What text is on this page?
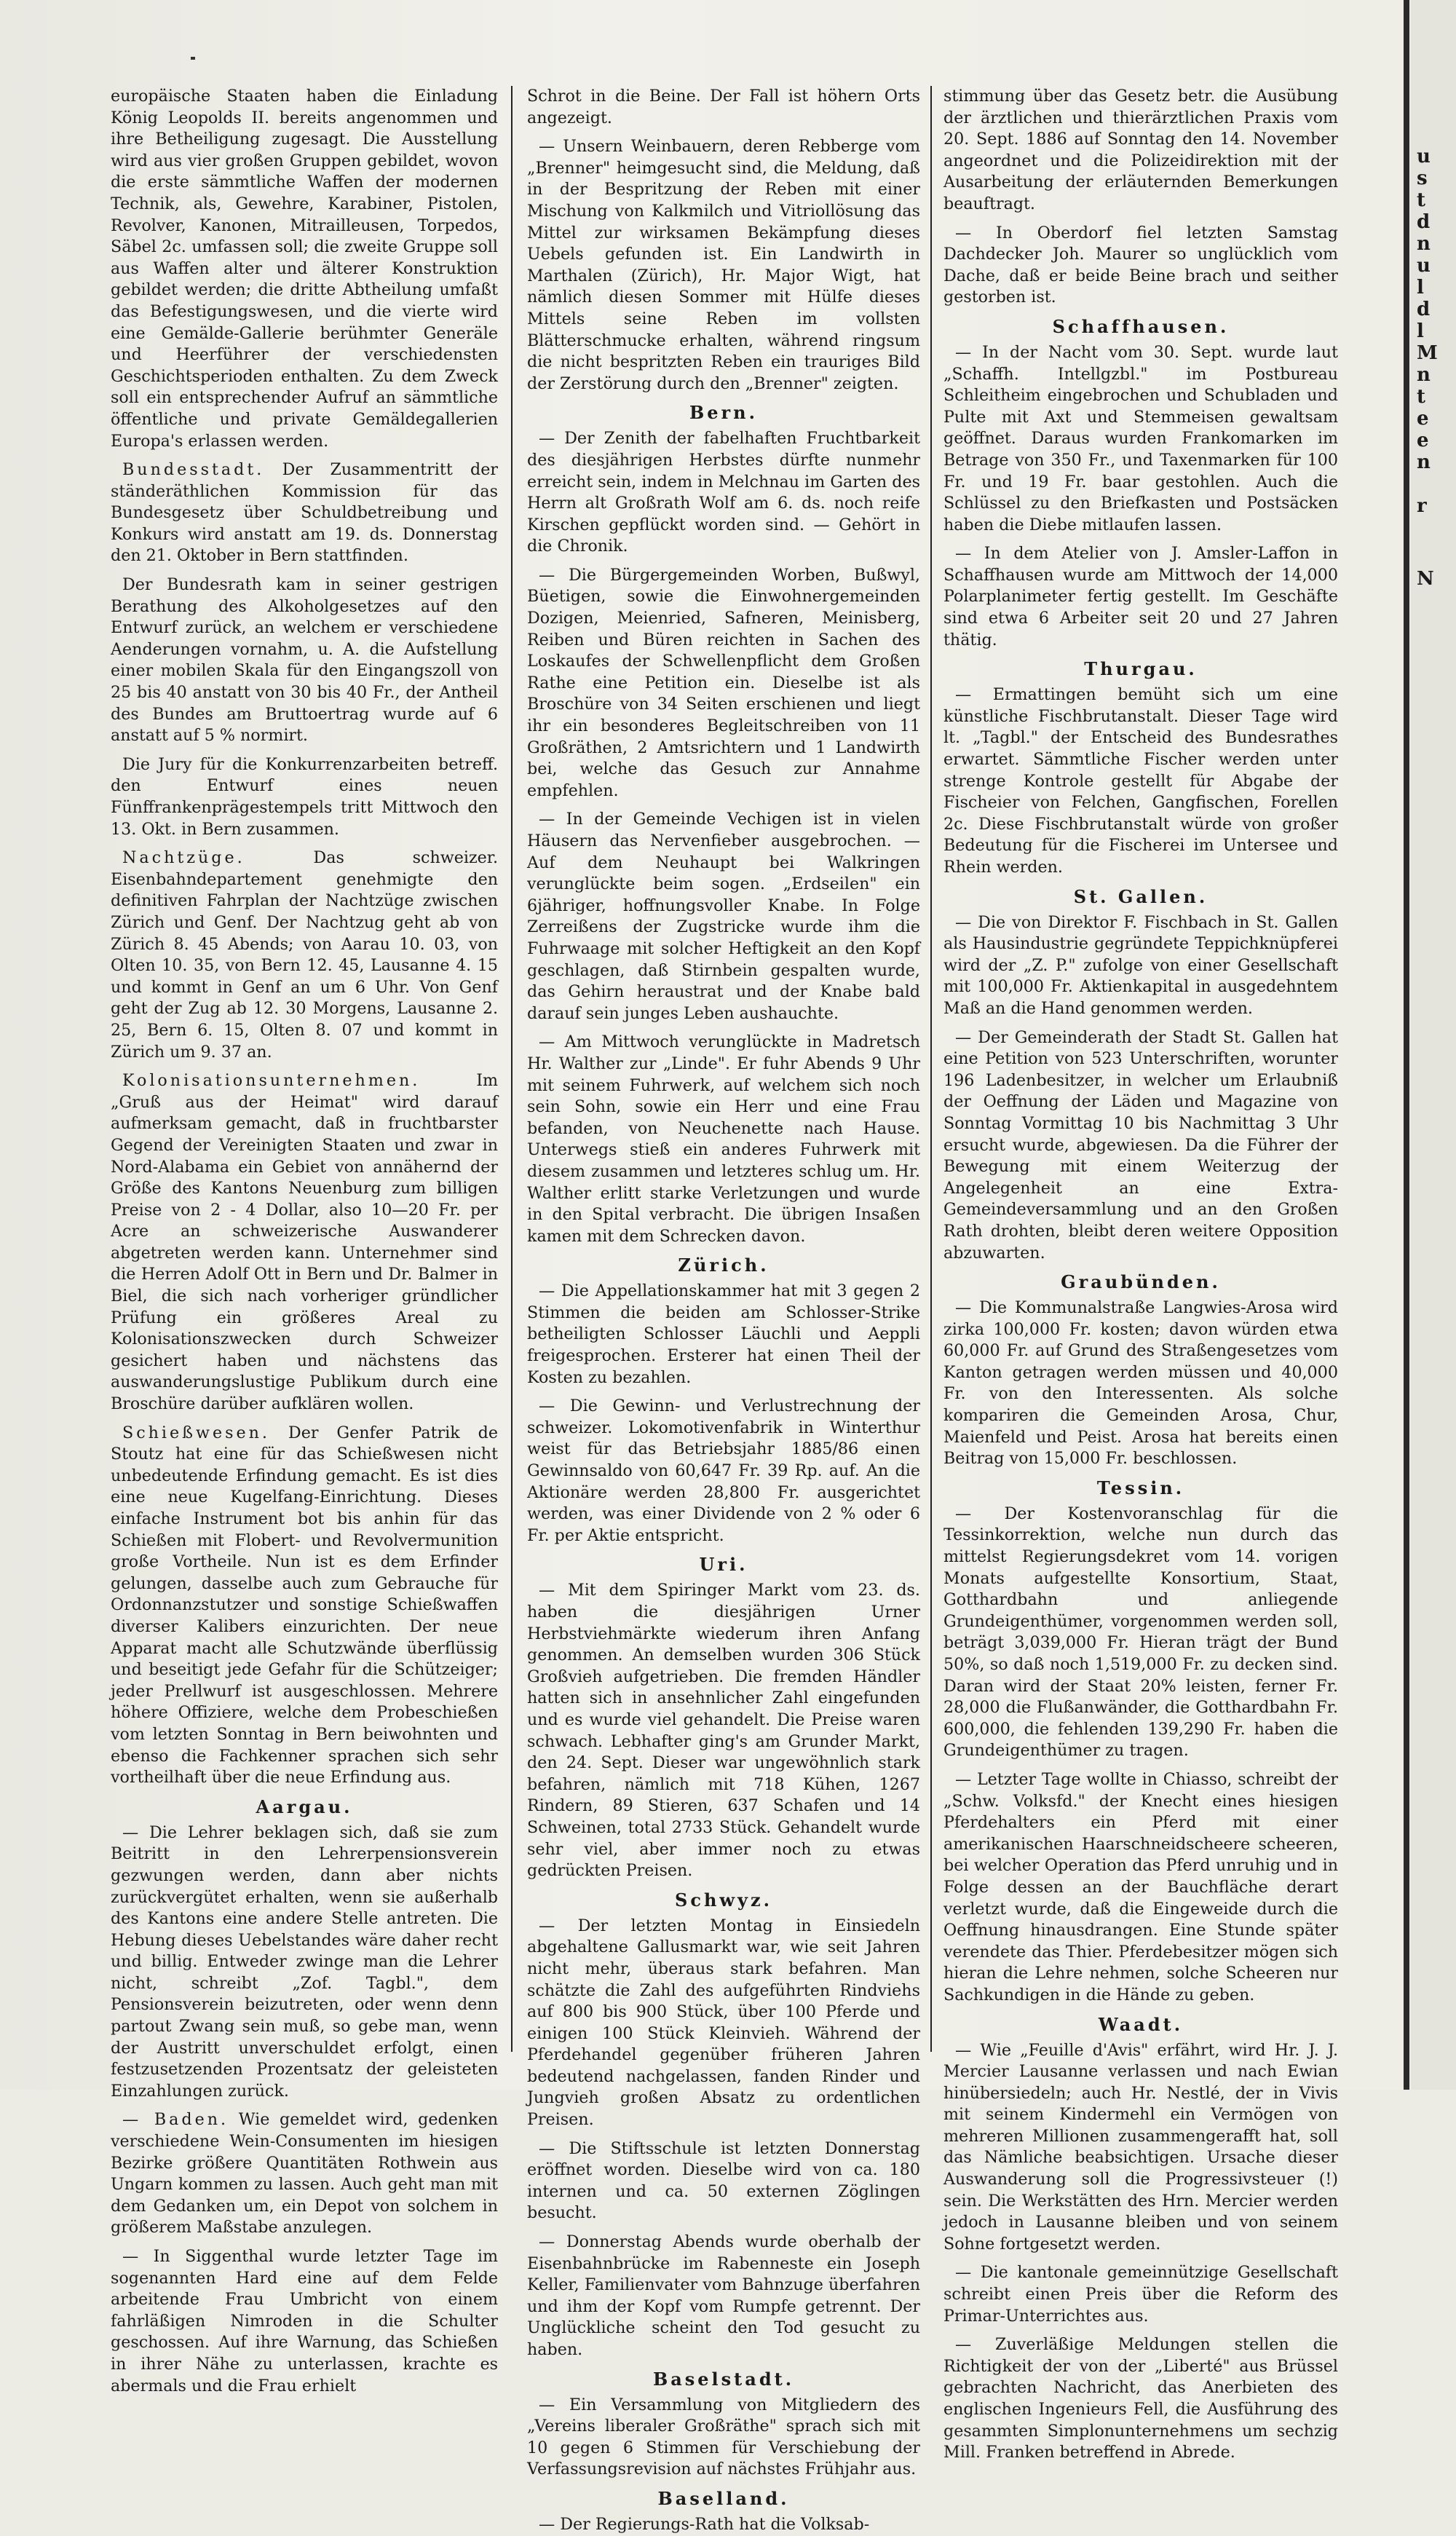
europäische Staaten haben die Einladung König Leopolds II. bereits angenommen und ihre Betheiligung zugesagt. Die Ausstellung wird aus vier großen Gruppen gebildet, wovon die erste sämmtliche Waffen der modernen Technik, als, Gewehre, Karabiner, Pistolen, Revolver, Kanonen, Mitrailleusen, Torpedos, Säbel 2c. umfassen soll; die zweite Gruppe soll aus Waffen alter und älterer Konstruktion gebildet werden; die dritte Abtheilung umfaßt das Befestigungswesen, und die vierte wird eine Gemälde-Gallerie berühmter Generäle und Heerführer der verschiedensten Geschichtsperioden enthalten. Zu dem Zweck soll ein entsprechender Aufruf an sämmtliche öffentliche und private Gemäldegallerien Europa's erlassen werden.

Bundesstadt. Der Zusammentritt der ständeräthlichen Kommission für das Bundesgesetz über Schuldbetreibung und Konkurs wird anstatt am 19. ds. Donnerstag den 21. Oktober in Bern stattfinden.

Der Bundesrath kam in seiner gestrigen Berathung des Alkoholgesetzes auf den Entwurf zurück, an welchem er verschiedene Aenderungen vornahm, u. A. die Aufstellung einer mobilen Skala für den Eingangszoll von 25 bis 40 anstatt von 30 bis 40 Fr., der Antheil des Bundes am Bruttoertrag wurde auf 6 anstatt auf 5 % normirt.

Die Jury für die Konkurrenzarbeiten betreff. den Entwurf eines neuen Fünffrankenprägestempels tritt Mittwoch den 13. Okt. in Bern zusammen.

Nachtzüge. Das schweizer. Eisenbahndepartement genehmigte den definitiven Fahrplan der Nachtzüge zwischen Zürich und Genf. Der Nachtzug geht ab von Zürich 8. 45 Abends; von Aarau 10. 03, von Olten 10. 35, von Bern 12. 45, Lausanne 4. 15 und kommt in Genf an um 6 Uhr. Von Genf geht der Zug ab 12. 30 Morgens, Lausanne 2. 25, Bern 6. 15, Olten 8. 07 und kommt in Zürich um 9. 37 an.

Kolonisationsunternehmen. Im „Gruß aus der Heimat" wird darauf aufmerksam gemacht, daß in fruchtbarster Gegend der Vereinigten Staaten und zwar in Nord-Alabama ein Gebiet von annähernd der Größe des Kantons Neuenburg zum billigen Preise von 2 - 4 Dollar, also 10—20 Fr. per Acre an schweizerische Auswanderer abgetreten werden kann. Unternehmer sind die Herren Adolf Ott in Bern und Dr. Balmer in Biel, die sich nach vorheriger gründlicher Prüfung ein größeres Areal zu Kolonisationszwecken durch Schweizer gesichert haben und nächstens das auswanderungslustige Publikum durch eine Broschüre darüber aufklären wollen.

Schießwesen. Der Genfer Patrik de Stoutz hat eine für das Schießwesen nicht unbedeutende Erfindung gemacht. Es ist dies eine neue Kugelfang-Einrichtung. Dieses einfache Instrument bot bis anhin für das Schießen mit Flobert- und Revolvermunition große Vortheile. Nun ist es dem Erfinder gelungen, dasselbe auch zum Gebrauche für Ordonnanzstutzer und sonstige Schießwaffen diverser Kalibers einzurichten. Der neue Apparat macht alle Schutzwände überflüssig und beseitigt jede Gefahr für die Schützeiger; jeder Prellwurf ist ausgeschlossen. Mehrere höhere Offiziere, welche dem Probeschießen vom letzten Sonntag in Bern beiwohnten und ebenso die Fachkenner sprachen sich sehr vortheilhaft über die neue Erfindung aus.

Aargau.

— Die Lehrer beklagen sich, daß sie zum Beitritt in den Lehrerpensionsverein gezwungen werden, dann aber nichts zurückvergütet erhalten, wenn sie außerhalb des Kantons eine andere Stelle antreten. Die Hebung dieses Uebelstandes wäre daher recht und billig. Entweder zwinge man die Lehrer nicht, schreibt „Zof. Tagbl.", dem Pensionsverein beizutreten, oder wenn denn partout Zwang sein muß, so gebe man, wenn der Austritt unverschuldet erfolgt, einen festzusetzenden Prozentsatz der geleisteten Einzahlungen zurück.

— Baden. Wie gemeldet wird, gedenken verschiedene Wein-Consumenten im hiesigen Bezirke größere Quantitäten Rothwein aus Ungarn kommen zu lassen. Auch geht man mit dem Gedanken um, ein Depot von solchem in größerem Maßstabe anzulegen.

— In Siggenthal wurde letzter Tage im sogenannten Hard eine auf dem Felde arbeitende Frau Umbricht von einem fahrläßigen Nimroden in die Schulter geschossen. Auf ihre Warnung, das Schießen in ihrer Nähe zu unterlassen, krachte es abermals und die Frau erhielt

Schrot in die Beine. Der Fall ist höhern Orts angezeigt.

— Unsern Weinbauern, deren Rebberge vom „Brenner" heimgesucht sind, die Meldung, daß in der Bespritzung der Reben mit einer Mischung von Kalkmilch und Vitriollösung das Mittel zur wirksamen Bekämpfung dieses Uebels gefunden ist. Ein Landwirth in Marthalen (Zürich), Hr. Major Wigt, hat nämlich diesen Sommer mit Hülfe dieses Mittels seine Reben im vollsten Blätterschmucke erhalten, während ringsum die nicht bespritzten Reben ein trauriges Bild der Zerstörung durch den „Brenner" zeigten.

Bern.

— Der Zenith der fabelhaften Fruchtbarkeit des diesjährigen Herbstes dürfte nunmehr erreicht sein, indem in Melchnau im Garten des Herrn alt Großrath Wolf am 6. ds. noch reife Kirschen gepflückt worden sind. — Gehört in die Chronik.

— Die Bürgergemeinden Worben, Bußwyl, Büetigen, sowie die Einwohnergemeinden Dozigen, Meienried, Safneren, Meinisberg, Reiben und Büren reichten in Sachen des Loskaufes der Schwellenpflicht dem Großen Rathe eine Petition ein. Dieselbe ist als Broschüre von 34 Seiten erschienen und liegt ihr ein besonderes Begleitschreiben von 11 Großräthen, 2 Amtsrichtern und 1 Landwirth bei, welche das Gesuch zur Annahme empfehlen.

— In der Gemeinde Vechigen ist in vielen Häusern das Nervenfieber ausgebrochen. — Auf dem Neuhaupt bei Walkringen verunglückte beim sogen. „Erdseilen" ein 6jähriger, hoffnungsvoller Knabe. In Folge Zerreißens der Zugstricke wurde ihm die Fuhrwaage mit solcher Heftigkeit an den Kopf geschlagen, daß Stirnbein gespalten wurde, das Gehirn heraustrat und der Knabe bald darauf sein junges Leben aushauchte.

— Am Mittwoch verunglückte in Madretsch Hr. Walther zur „Linde". Er fuhr Abends 9 Uhr mit seinem Fuhrwerk, auf welchem sich noch sein Sohn, sowie ein Herr und eine Frau befanden, von Neuchenette nach Hause. Unterwegs stieß ein anderes Fuhrwerk mit diesem zusammen und letzteres schlug um. Hr. Walther erlitt starke Verletzungen und wurde in den Spital verbracht. Die übrigen Insaßen kamen mit dem Schrecken davon.

Zürich.

— Die Appellationskammer hat mit 3 gegen 2 Stimmen die beiden am Schlosser-Strike betheiligten Schlosser Läuchli und Aeppli freigesprochen. Ersterer hat einen Theil der Kosten zu bezahlen.

— Die Gewinn- und Verlustrechnung der schweizer. Lokomotivenfabrik in Winterthur weist für das Betriebsjahr 1885/86 einen Gewinnsaldo von 60,647 Fr. 39 Rp. auf. An die Aktionäre werden 28,800 Fr. ausgerichtet werden, was einer Dividende von 2 % oder 6 Fr. per Aktie entspricht.

Uri.

— Mit dem Spiringer Markt vom 23. ds. haben die diesjährigen Urner Herbstviehmärkte wiederum ihren Anfang genommen. An demselben wurden 306 Stück Großvieh aufgetrieben. Die fremden Händler hatten sich in ansehnlicher Zahl eingefunden und es wurde viel gehandelt. Die Preise waren schwach. Lebhafter ging's am Grunder Markt, den 24. Sept. Dieser war ungewöhnlich stark befahren, nämlich mit 718 Kühen, 1267 Rindern, 89 Stieren, 637 Schafen und 14 Schweinen, total 2733 Stück. Gehandelt wurde sehr viel, aber immer noch zu etwas gedrückten Preisen.

Schwyz.

— Der letzten Montag in Einsiedeln abgehaltene Gallusmarkt war, wie seit Jahren nicht mehr, überaus stark befahren. Man schätzte die Zahl des aufgeführten Rindviehs auf 800 bis 900 Stück, über 100 Pferde und einigen 100 Stück Kleinvieh. Während der Pferdehandel gegenüber früheren Jahren bedeutend nachgelassen, fanden Rinder und Jungvieh großen Absatz zu ordentlichen Preisen.

— Die Stiftsschule ist letzten Donnerstag eröffnet worden. Dieselbe wird von ca. 180 internen und ca. 50 externen Zöglingen besucht.

— Donnerstag Abends wurde oberhalb der Eisenbahnbrücke im Rabenneste ein Joseph Keller, Familienvater vom Bahnzuge überfahren und ihm der Kopf vom Rumpfe getrennt. Der Unglückliche scheint den Tod gesucht zu haben.

Baselstadt.

— Ein Versammlung von Mitgliedern des „Vereins liberaler Großräthe" sprach sich mit 10 gegen 6 Stimmen für Verschiebung der Verfassungsrevision auf nächstes Frühjahr aus.

Baselland.

— Der Regierungs-Rath hat die Volksab-

stimmung über das Gesetz betr. die Ausübung der ärztlichen und thierärztlichen Praxis vom 20. Sept. 1886 auf Sonntag den 14. November angeordnet und die Polizeidirektion mit der Ausarbeitung der erläuternden Bemerkungen beauftragt.

— In Oberdorf fiel letzten Samstag Dachdecker Joh. Maurer so unglücklich vom Dache, daß er beide Beine brach und seither gestorben ist.

Schaffhausen.

— In der Nacht vom 30. Sept. wurde laut „Schaffh. Intellgzbl." im Postbureau Schleitheim eingebrochen und Schubladen und Pulte mit Axt und Stemmeisen gewaltsam geöffnet. Daraus wurden Frankomarken im Betrage von 350 Fr., und Taxenmarken für 100 Fr. und 19 Fr. baar gestohlen. Auch die Schlüssel zu den Briefkasten und Postsäcken haben die Diebe mitlaufen lassen.

— In dem Atelier von J. Amsler-Laffon in Schaffhausen wurde am Mittwoch der 14,000 Polarplanimeter fertig gestellt. Im Geschäfte sind etwa 6 Arbeiter seit 20 und 27 Jahren thätig.

Thurgau.

— Ermattingen bemüht sich um eine künstliche Fischbrutanstalt. Dieser Tage wird lt. „Tagbl." der Entscheid des Bundesrathes erwartet. Sämmtliche Fischer werden unter strenge Kontrole gestellt für Abgabe der Fischeier von Felchen, Gangfischen, Forellen 2c. Diese Fischbrutanstalt würde von großer Bedeutung für die Fischerei im Untersee und Rhein werden.

St. Gallen.

— Die von Direktor F. Fischbach in St. Gallen als Hausindustrie gegründete Teppichknüpferei wird der „Z. P." zufolge von einer Gesellschaft mit 100,000 Fr. Aktienkapital in ausgedehntem Maß an die Hand genommen werden.

— Der Gemeinderath der Stadt St. Gallen hat eine Petition von 523 Unterschriften, worunter 196 Ladenbesitzer, in welcher um Erlaubniß der Oeffnung der Läden und Magazine von Sonntag Vormittag 10 bis Nachmittag 3 Uhr ersucht wurde, abgewiesen. Da die Führer der Bewegung mit einem Weiterzug der Angelegenheit an eine Extra-Gemeindeversammlung und an den Großen Rath drohten, bleibt deren weitere Opposition abzuwarten.

Graubünden.

— Die Kommunalstraße Langwies-Arosa wird zirka 100,000 Fr. kosten; davon würden etwa 60,000 Fr. auf Grund des Straßengesetzes vom Kanton getragen werden müssen und 40,000 Fr. von den Interessenten. Als solche kompariren die Gemeinden Arosa, Chur, Maienfeld und Peist. Arosa hat bereits einen Beitrag von 15,000 Fr. beschlossen.

Tessin.

— Der Kostenvoranschlag für die Tessinkorrektion, welche nun durch das mittelst Regierungsdekret vom 14. vorigen Monats aufgestellte Konsortium, Staat, Gotthardbahn und anliegende Grundeigenthümer, vorgenommen werden soll, beträgt 3,039,000 Fr. Hieran trägt der Bund 50%, so daß noch 1,519,000 Fr. zu decken sind. Daran wird der Staat 20% leisten, ferner Fr. 28,000 die Flußanwänder, die Gotthardbahn Fr. 600,000, die fehlenden 139,290 Fr. haben die Grundeigenthümer zu tragen.

— Letzter Tage wollte in Chiasso, schreibt der „Schw. Volksfd." der Knecht eines hiesigen Pferdehalters ein Pferd mit einer amerikanischen Haarschneidscheere scheeren, bei welcher Operation das Pferd unruhig und in Folge dessen an der Bauchfläche derart verletzt wurde, daß die Eingeweide durch die Oeffnung hinausdrangen. Eine Stunde später verendete das Thier. Pferdebesitzer mögen sich hieran die Lehre nehmen, solche Scheeren nur Sachkundigen in die Hände zu geben.

Waadt.

— Wie „Feuille d'Avis" erfährt, wird Hr. J. J. Mercier Lausanne verlassen und nach Ewian hinübersiedeln; auch Hr. Nestlé, der in Vivis mit seinem Kindermehl ein Vermögen von mehreren Millionen zusammengerafft hat, soll das Nämliche beabsichtigen. Ursache dieser Auswanderung soll die Progressivsteuer (!) sein. Die Werkstätten des Hrn. Mercier werden jedoch in Lausanne bleiben und von seinem Sohne fortgesetzt werden.

— Die kantonale gemeinnützige Gesellschaft schreibt einen Preis über die Reform des Primar-Unterrichtes aus.

— Zuverläßige Meldungen stellen die Richtigkeit der von der „Liberté" aus Brüssel gebrachten Nachricht, das Anerbieten des englischen Ingenieurs Fell, die Ausführung des gesammten Simplonunternehmens um sechzig Mill. Franken betreffend in Abrede.

u
s
t
d
n
u
l
d
l
M
n
t
e
e
n
r
N
